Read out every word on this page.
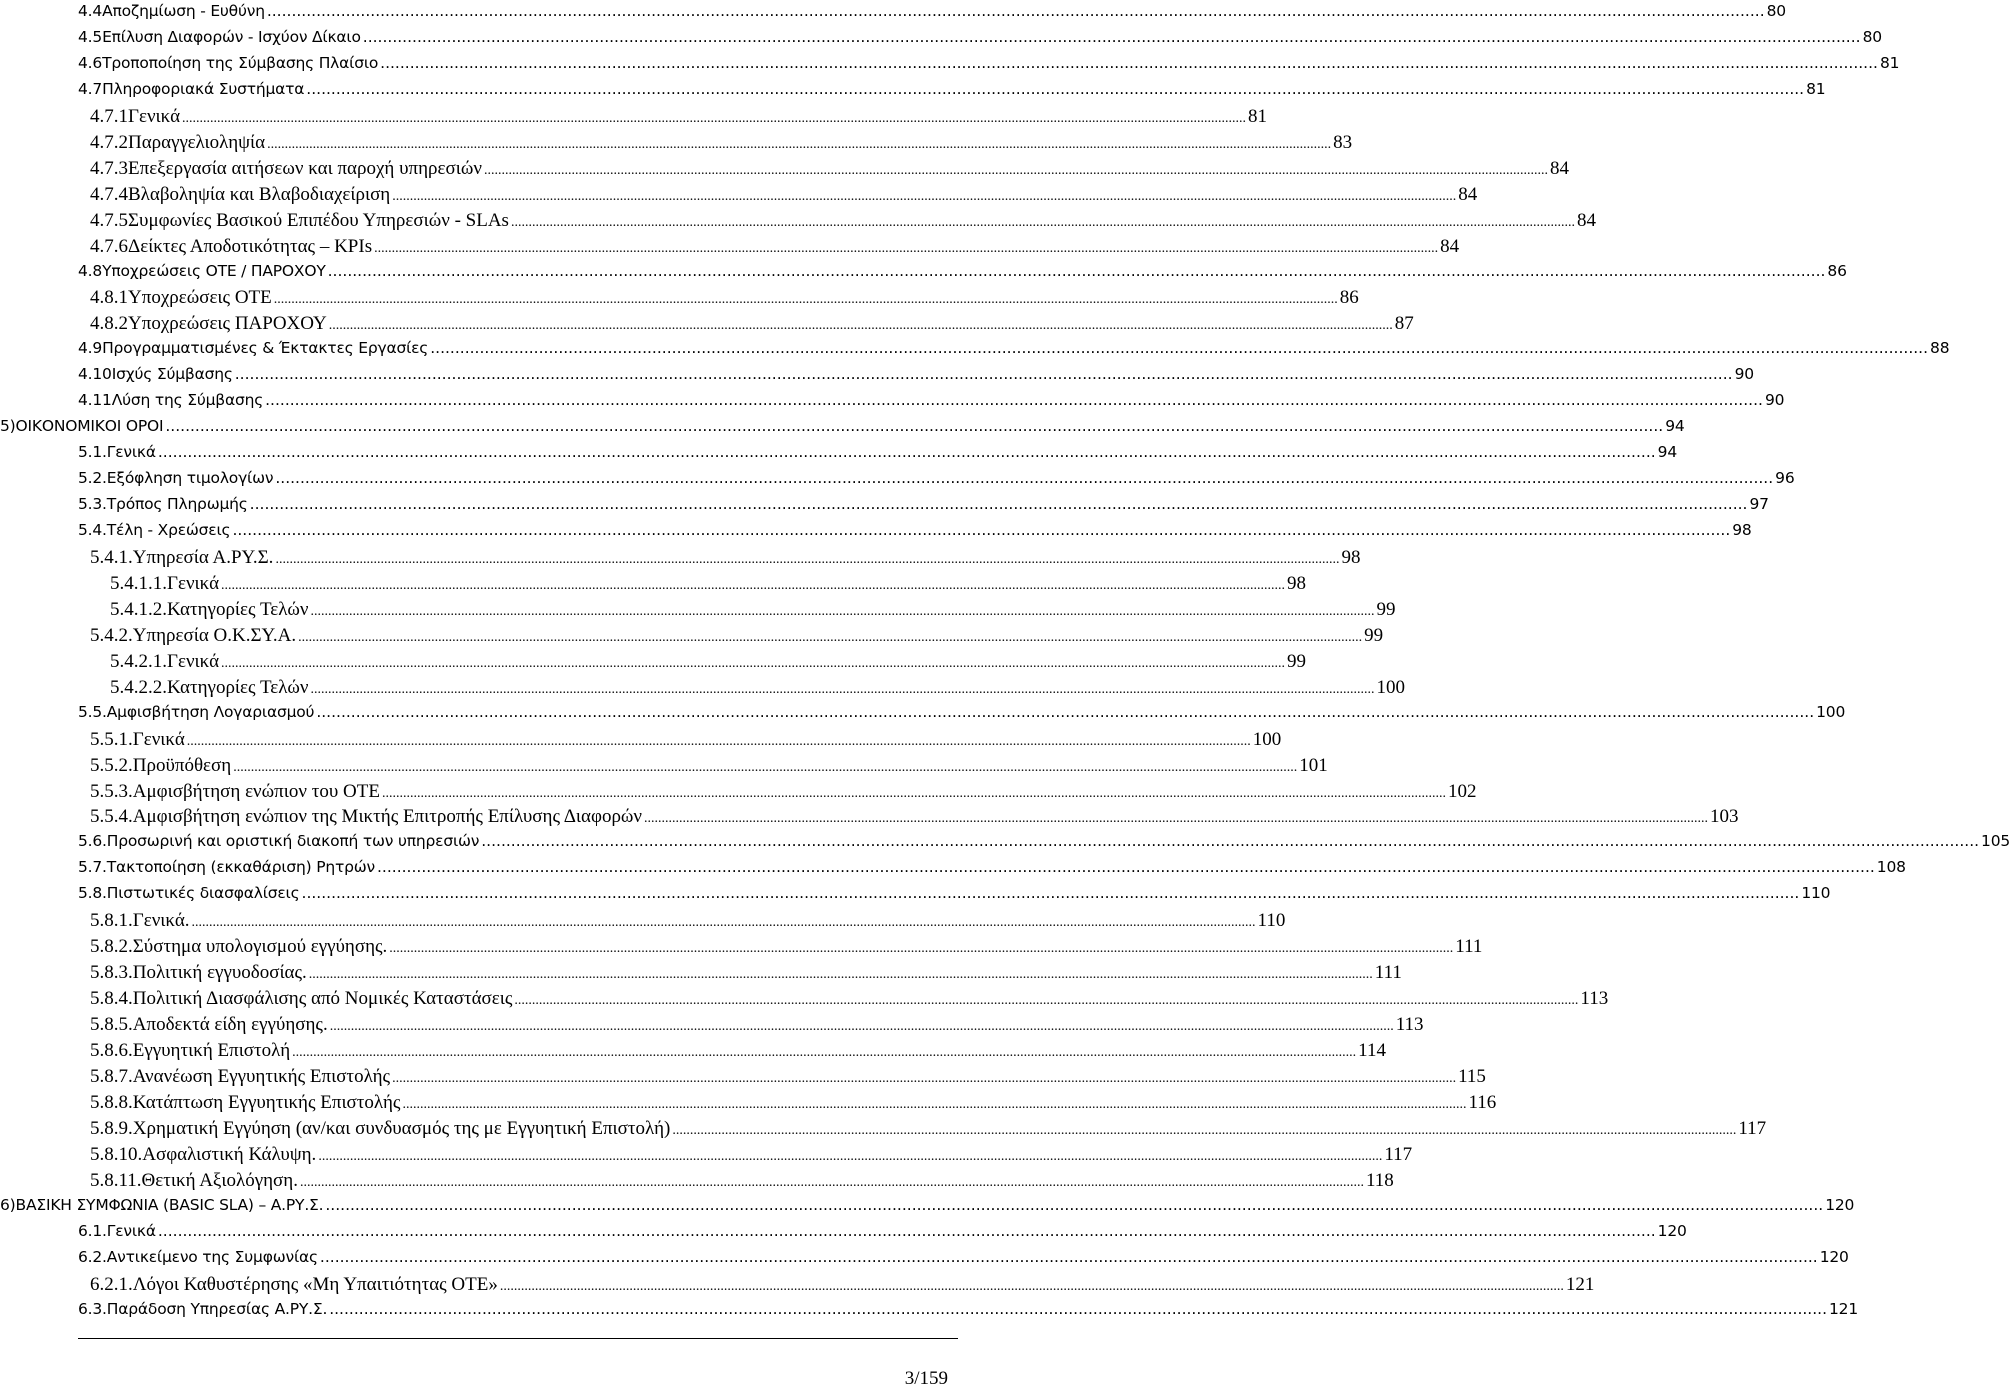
4.4 Αποζημίωση - Ευθύνη .....	80
4.5 Επίλυση Διαφορών - Ισχύον Δίκαιο .....	80
4.6 Τροποποίηση της Σύμβασης Πλαίσιο .....	81
4.7 Πληροφοριακά Συστήματα .....	81
4.7.1 Γενικά .....	81
4.7.2 Παραγγελιοληψία .....	83
4.7.3 Επεξεργασία αιτήσεων και παροχή υπηρεσιών .....	84
4.7.4 Βλαβοληψία και Βλαβοδιαχείριση .....	84
4.7.5 Συμφωνίες Βασικού Επιπέδου Υπηρεσιών - SLAs .....	84
4.7.6 Δείκτες Αποδοτικότητας – KPIs .....	84
4.8 Υποχρεώσεις ΟΤΕ / ΠΑΡΟΧΟΥ .....	86
4.8.1 Υποχρεώσεις ΟΤΕ .....	86
4.8.2 Υποχρεώσεις ΠΑΡΟΧΟΥ .....	87
4.9 Προγραμματισμένες & Έκτακτες Εργασίες .....	88
4.10 Ισχύς Σύμβασης .....	90
4.11 Λύση της Σύμβασης .....	90
5) ΟΙΚΟΝΟΜΙΚΟΙ ΟΡΟΙ .....	94
5.1. Γενικά .....	94
5.2. Εξόφληση τιμολογίων .....	96
5.3. Τρόπος Πληρωμής .....	97
5.4. Τέλη - Χρεώσεις .....	98
5.4.1. Υπηρεσία Α.ΡΥ.Σ. .....	98
5.4.1.1. Γενικά .....	98
5.4.1.2. Κατηγορίες Τελών .....	99
5.4.2. Υπηρεσία Ο.Κ.ΣΥ.Α. .....	99
5.4.2.1. Γενικά .....	99
5.4.2.2. Κατηγορίες Τελών .....	100
5.5. Αμφισβήτηση Λογαριασμού .....	100
5.5.1. Γενικά .....	100
5.5.2. Προϋπόθεση .....	101
5.5.3. Αμφισβήτηση ενώπιον του ΟΤΕ .....	102
5.5.4. Αμφισβήτηση ενώπιον της Μικτής Επιτροπής Επίλυσης Διαφορών .....	103
5.6. Προσωρινή και οριστική διακοπή των υπηρεσιών .....	105
5.7. Τακτοποίηση (εκκαθάριση) Ρητρών .....	108
5.8. Πιστωτικές διασφαλίσεις .....	110
5.8.1. Γενικά. .....	110
5.8.2. Σύστημα υπολογισμού εγγύησης. .....	111
5.8.3. Πολιτική εγγυοδοσίας. .....	111
5.8.4. Πολιτική Διασφάλισης από Νομικές Καταστάσεις .....	113
5.8.5. Αποδεκτά είδη εγγύησης. .....	113
5.8.6. Εγγυητική Επιστολή .....	114
5.8.7. Ανανέωση Εγγυητικής Επιστολής .....	115
5.8.8. Κατάπτωση Εγγυητικής Επιστολής .....	116
5.8.9. Χρηματική Εγγύηση (αν/και συνδυασμός της με Εγγυητική Επιστολή) .....	117
5.8.10. Ασφαλιστική Κάλυψη. .....	117
5.8.11. Θετική Αξιολόγηση. .....	118
6) ΒΑΣΙΚΗ ΣΥΜΦΩΝΙΑ (BASIC SLA) – Α.ΡΥ.Σ. .....	120
6.1. Γενικά .....	120
6.2. Αντικείμενο της Συμφωνίας .....	120
6.2.1. Λόγοι Καθυστέρησης «Μη Υπαιτιότητας ΟΤΕ» .....	121
6.3. Παράδοση Υπηρεσίας Α.ΡΥ.Σ. .....	121
3/159
